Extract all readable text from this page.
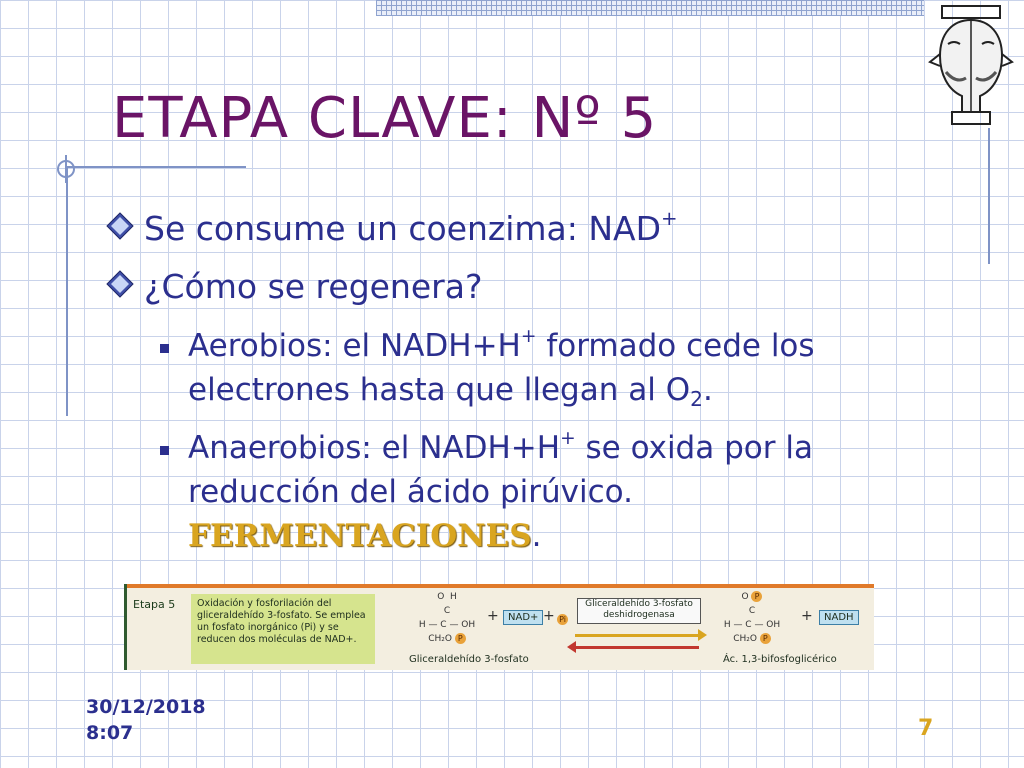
ETAPA CLAVE: Nº 5
Se consume un coenzima: NAD+
¿Cómo se regenera?
Aerobios: el NADH+H+ formado cede los electrones hasta que llegan al $O_2$.
Anaerobios: el NADH+H+ se oxida por la reducción del ácido pirúvico. FERMENTACIONES.
Etapa 5	Oxidación y fosforilación del gliceraldehído 3-fosfato. Se emplea un fosfato inorgánico (Pi) y se reducen dos moléculas de NAD+.
O H
C
H — C — OH
CH₂O P
Gliceraldehído 3-fosfato
+ NAD+ + Pi
Gliceraldehído 3-fosfato deshidrogenasa
O P
C
H — C — OH
CH₂O P
Ác. 1,3-bifosfoglicérico
+	NADH
30/12/2018
8:07	7
